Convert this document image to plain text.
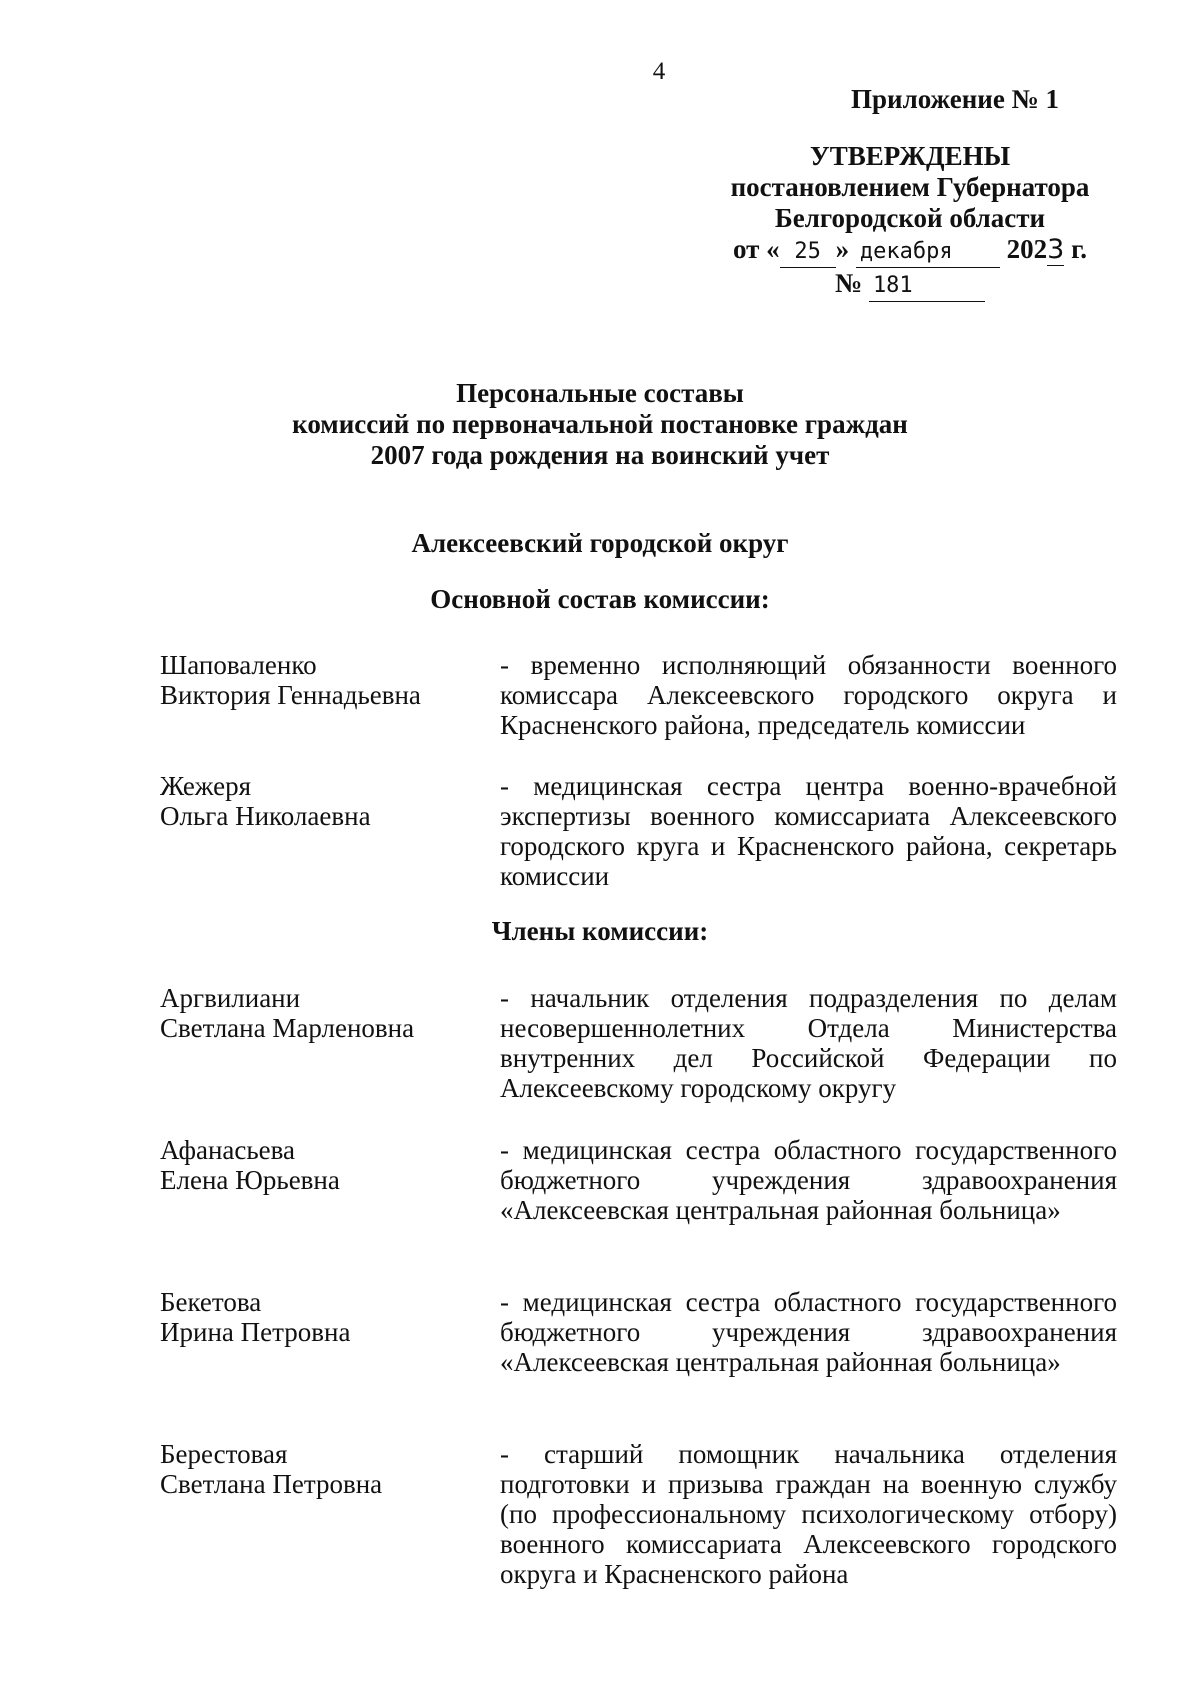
4
Приложение № 1
УТВЕРЖДЕНЫ
постановлением Губернатора
Белгородской области
от « 25 » декабря 2023 г.
№ 181
Персональные составы
комиссий по первоначальной постановке граждан
2007 года рождения на воинский учет
Алексеевский городской округ
Основной состав комиссии:
Шаповаленко
Виктория Геннадьевна
- временно исполняющий обязанности военного комиссара Алексеевского городского округа и Красненского района, председатель комиссии
Жежеря
Ольга Николаевна
- медицинская сестра центра военно-врачебной экспертизы военного комиссариата Алексеевского городского круга и Красненского района, секретарь комиссии
Члены комиссии:
Аргвилиани
Светлана Марленовна
- начальник отделения подразделения по делам несовершеннолетних Отдела Министерства внутренних дел Российской Федерации по Алексеевскому городскому округу
Афанасьева
Елена Юрьевна
- медицинская сестра областного государственного бюджетного учреждения здравоохранения «Алексеевская центральная районная больница»
Бекетова
Ирина Петровна
- медицинская сестра областного государственного бюджетного учреждения здравоохранения «Алексеевская центральная районная больница»
Берестовая
Светлана Петровна
- старший помощник начальника отделения подготовки и призыва граждан на военную службу (по профессиональному психологическому отбору) военного комиссариата Алексеевского городского округа и Красненского района
